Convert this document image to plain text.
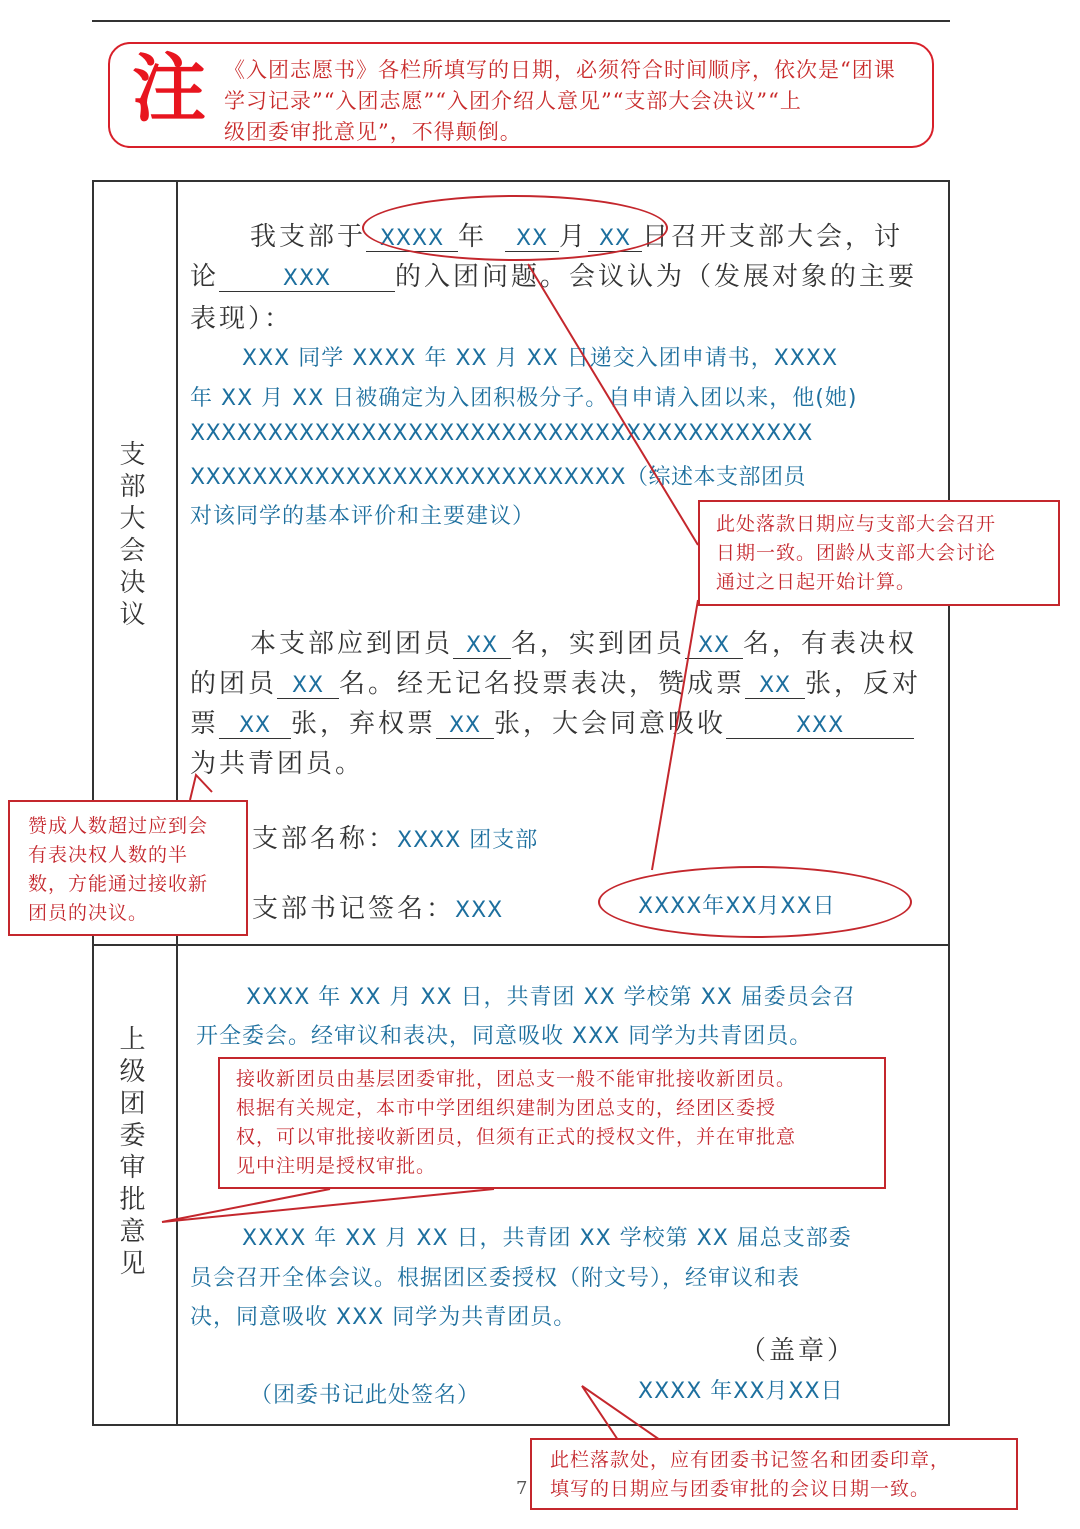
注 《入团志愿书》各栏所填写的日期，必须符合时间顺序，依次是“团课
学习记录”“入团志愿”“入团介绍人意见”“支部大会决议”“上
级团委审批意见”，不得颠倒。
支部大会决议
上级团委审批意见
我支部于 XXXX 年 XX 月 XX 日召开支部大会，讨
论	XXX 的入团问题。会议认为（发展对象的主要
表现）：
XXX 同学 XXXX 年 XX 月 XX 日递交入团申请书，XXXX
年 XX 月 XX 日被确定为入团积极分子。自申请入团以来，他(她)
XXXXXXXXXXXXXXXXXXXXXXXXXXXXXXXXXXXXXXXX
XXXXXXXXXXXXXXXXXXXXXXXXXXXX（综述本支部团员
对该同学的基本评价和主要建议）
本支部应到团员 XX 名，实到团员 XX 名，有表决权
的团员 XX 名。经无记名投票表决，赞成票 XX 张，反对
票 XX 张，弃权票 XX 张，大会同意吸收	XXX
为共青团员。
支部名称：XXXX 团支部
支部书记签名：XXX	XXXX年XX月XX日
XXXX 年 XX 月 XX 日，共青团 XX 学校第 XX 届委员会召
开全委会。经审议和表决，同意吸收 XXX 同学为共青团员。
XXXX 年 XX 月 XX 日，共青团 XX 学校第 XX 届总支部委
员会召开全体会议。根据团区委授权（附文号），经审议和表
决，同意吸收 XXX 同学为共青团员。
（盖章）
（团委书记此处签名）	XXXX 年XX月XX日
此处落款日期应与支部大会召开
日期一致。团龄从支部大会讨论
通过之日起开始计算。
赞成人数超过应到会
有表决权人数的半
数，方能通过接收新
团员的决议。
接收新团员由基层团委审批，团总支一般不能审批接收新团员。
根据有关规定，本市中学团组织建制为团总支的，经团区委授
权，可以审批接收新团员，但须有正式的授权文件，并在审批意
见中注明是授权审批。
7
此栏落款处，应有团委书记签名和团委印章，
填写的日期应与团委审批的会议日期一致。
